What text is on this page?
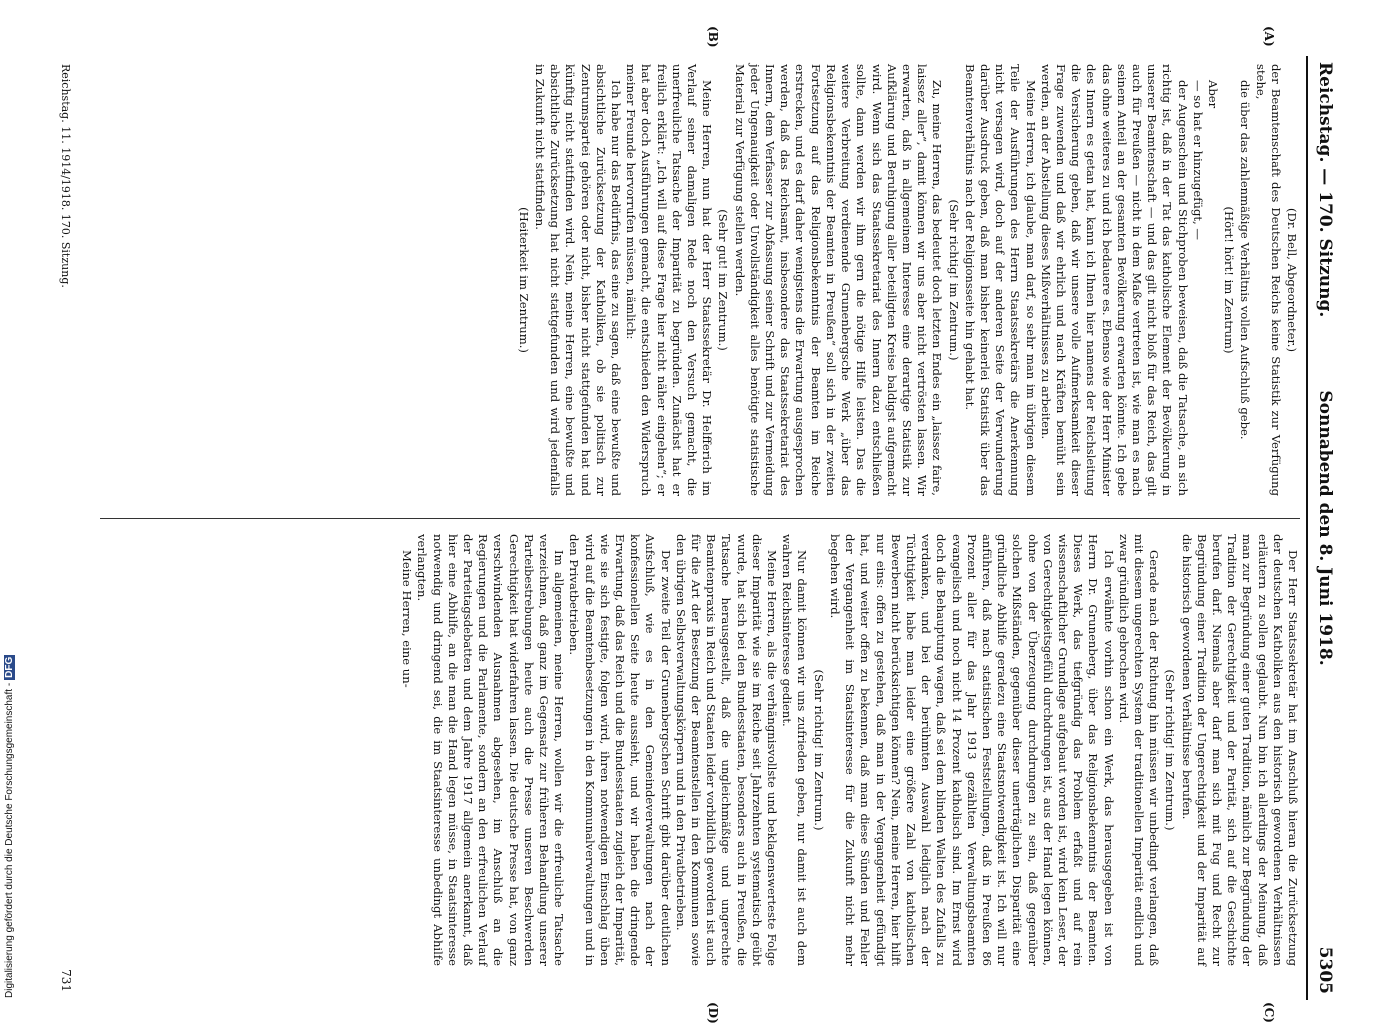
Reichstag. — 170. Sitzung.
Sonnabend den 8. Juni 1918.
5305
(A)
(B)
(C)
(D)

(Dr. Bell, Abgeordneter.)

der Beamtenschaft des Deutschen Reichs keine Statistik zur Verfügung stehe,

die über das zahlenmäßige Verhältnis vollen Aufschluß gebe.

(Hört! hört! im Zentrum)

Aber

— so hat er hinzugefügt, —

der Augenschein und Stichproben beweisen, daß die Tatsache, an sich richtig ist, daß in der Tat das katholische Element der Bevölkerung in unserer Beamtenschaft — und das gilt nicht bloß für das Reich, das gilt auch für Preußen — nicht in dem Maße vertreten ist, wie man es nach seinem Anteil an der gesamten Bevölkerung erwarten könnte. Ich gebe das ohne weiteres zu und ich bedauere es. Ebenso wie der Herr Minister des Innern es getan hat, kann ich Ihnen hier namens der Reichsleitung die Versicherung geben, daß wir unsere volle Aufmerksamkeit dieser Frage zuwenden und daß wir ehrlich und nach Kräften bemüht sein werden, an der Abstellung dieses Mißverhältnisses zu arbeiten.

Meine Herren, ich glaube, man darf, so sehr man im übrigen diesem Teile der Ausführungen des Herrn Staatssekretärs die Anerkennung nicht versagen wird, doch auf der anderen Seite der Verwunderung darüber Ausdruck geben, daß man bisher keinerlei Statistik über das Beamtenverhältnis nach der Religionsseite hin gehabt hat.

(Sehr richtig! im Zentrum.)

Zu, meine Herren, das bedeutet doch letzten Endes ein „laissez faire, laissez aller“, damit können wir uns aber nicht vertrösten lassen. Wir erwarten, daß in allgemeinem Interesse eine derartige Statistik zur Aufklärung und Beruhigung aller beteiligten Kreise baldigst aufgemacht wird. Wenn sich das Staatssekretariat des Innern dazu entschließen sollte, dann werden wir ihm gern die nötige Hilfe leisten. Das die weitere Verbreitung verdienende Grunenbergsche Werk „über das Religionsbekenntnis der Beamten in Preußen“ soll sich in der zweiten Fortsetzung auf das Religionsbekenntnis der Beamten im Reiche erstrecken, und es darf daher wenigstens die Erwartung ausgesprochen werden, daß das Reichsamt, insbesondere das Staatssekretariat des Innern, dem Verfasser zur Abfassung seiner Schrift und zur Vermeidung jeder Ungenauigkeit oder Unvollständigkeit alles benötigte statistische Material zur Verfügung stellen werden.

(Sehr gut! im Zentrum.)

Meine Herren, nun hat der Herr Staatssekretär Dr. Helfferich im Verlauf seiner damaligen Rede noch den Versuch gemacht, die unerfreuliche Tatsache der Imparität zu begründen. Zunächst hat er freilich erklärt: „Ich will auf diese Frage hier nicht näher eingehen“; er hat aber doch Ausführungen gemacht, die entschieden den Widerspruch meiner Freunde hervorrufen müssen, nämlich:

Ich habe nur das Bedürfnis, das eine zu sagen, daß eine bewußte und absichtliche Zurücksetzung der Katholiken, ob sie politisch zur Zentrumspartei gehören oder nicht, bisher nicht stattgefunden hat und künftig nicht stattfinden wird. Nein, meine Herren, eine bewußte und absichtliche Zurücksetzung hat nicht stattgefunden und wird jedenfalls in Zukunft nicht stattfinden.

(Heiterkeit im Zentrum.)

Der Herr Staatssekretär hat im Anschluß hieran die Zurücksetzung der deutschen Katholiken aus den historisch gewordenen Verhältnissen erläutern zu sollen geglaubt. Nun bin ich allerdings der Meinung, daß man zur Begründung einer guten Tradition, nämlich zur Begründung der Tradition der Gerechtigkeit und der Parität, sich auf die Geschichte berufen darf. Niemals aber darf man sich mit Fug und Recht zur Begründung einer Tradition der Ungerechtigkeit und der Imparität auf die historisch gewordenen Verhältnisse berufen.

(Sehr richtig! im Zentrum.)

Gerade nach der Richtung hin müssen wir unbedingt verlangen, daß mit diesem ungerechten System der traditionellen Imparität endlich und zwar gründlich gebrochen wird.

Ich erwähnte vorhin schon ein Werk, das herausgegeben ist von Herrn Dr. Grunenberg, über das Religionsbekenntnis der Beamten. Dieses Werk, das tiefgründig das Problem erfaßt und auf rein wissenschaftlicher Grundlage aufgebaut worden ist, wird kein Leser, der von Gerechtigkeitsgefühl durchdrungen ist, aus der Hand legen können, ohne von der Überzeugung durchdrungen zu sein, daß gegenüber solchen Mißständen, gegenüber dieser unerträglichen Disparität eine gründliche Abhilfe geradezu eine Staatsnotwendigkeit ist. Ich will nur anführen, daß nach statistischen Feststellungen, daß in Preußen 86 Prozent aller für das Jahr 1913 gezählten Verwaltungsbeamten evangelisch und noch nicht 14 Prozent katholisch sind. Im Ernst wird doch die Behauptung wagen, daß sei dem blinden Walten des Zufalls zu verdanken, und bei der berühmten Auswahl lediglich nach der Tüchtigkeit habe man leider eine größere Zahl von katholischen Bewerbern nicht berücksichtigen können? Nein, meine Herren, hier hilft nur eins: offen zu gestehen, daß man in der Vergangenheit gefündigt hat, und weiter offen zu bekennen, daß man diese Sünden und Fehler der Vergangenheit im Staatsinteresse für die Zukunft nicht mehr begehen wird.

(Sehr richtig! im Zentrum.)

Nur damit können wir uns zufrieden geben, nur damit ist auch dem wahren Reichsinteresse gedient.

Meine Herren, als die verhängnisvollste und beklagenswerteste Folge dieser Imparität wie sie im Reiche seit Jahrzehnten systematisch geübt wurde, hat sich bei den Bundesstaaten, besonders auch in Preußen, die Tatsache herausgestellt, daß die ungleichmäßige und ungerechte Beamtenpraxis in Reich und Staaten leider vorbildlich geworden ist auch für die Art der Besetzung der Beamtenstellen in den Kommunen sowie den übrigen Selbstverwaltungskörpern und in den Privatbetrieben.

Der zweite Teil der Grunenbergschen Schrift gibt darüber deutlichen Aufschluß, wie es in den Gemeindeverwaltungen nach der konfessionellen Seite heute aussieht, und wir haben die dringende Erwartung, daß das Reich und die Bundesstaaten zugleich der Imparität, wie sie sich festigte, folgen wird, ihren notwendigen Einschlag üben wird auf die Beamtenbesetzungen in den Kommunalverwaltungen und in den Privatbetrieben.

Im allgemeinen, meine Herren, wollen wir die erfreuliche Tatsache verzeichnen, daß ganz im Gegensatz zur früheren Behandlung unserer Parteibestrebungen heute auch die Presse unseren Beschwerden Gerechtigkeit hat widerfahren lassen. Die deutsche Presse hat, von ganz verschwindenden Ausnahmen abgesehen, im Anschluß an die Regierungen und die Parlamente, sondern an den erfreulichen Verlauf der Parteitagsdebatten und dem Jahre 1917 allgemein anerkannt, daß hier eine Abhilfe, an die man die Hand legen müsse, in Staatsinteresse notwendig und dringend sei, die im Staatsinteresse unbedingt Abhilfe verlangten.

Meine Herren, eine un-

Reichstag. 11. 1914/1918. 170. Sitzung.
731
Digitalisierung gefördert durch die Deutsche Forschungsgemeinschaft -DFG
